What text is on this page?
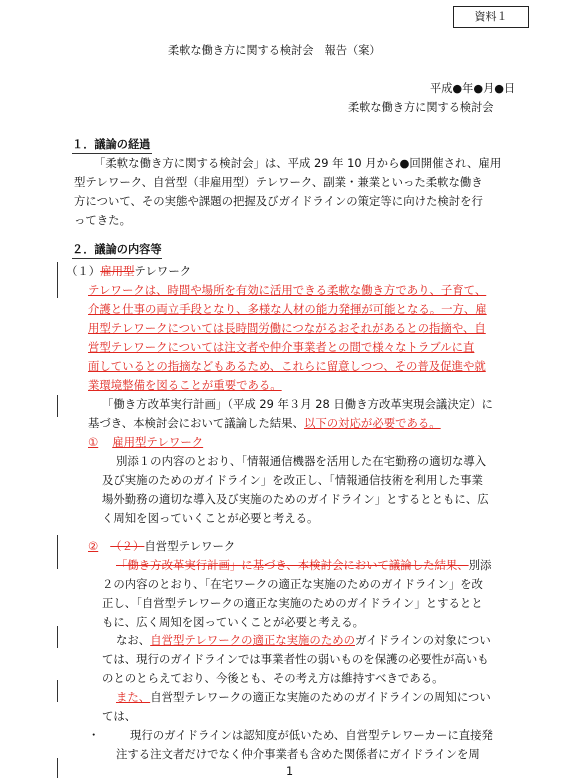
資料１
柔軟な働き方に関する検討会　報告（案）
平成●年●月●日
柔軟な働き方に関する検討会
１．議論の経過
「柔軟な働き方に関する検討会」は、平成 29 年 10 月から●回開催され、雇用
型テレワーク、自営型（非雇用型）テレワーク、副業・兼業といった柔軟な働き
方について、その実態や課題の把握及びガイドラインの策定等に向けた検討を行
ってきた。
２．議論の内容等
（１）雇用型テレワーク
テレワークは、時間や場所を有効に活用できる柔軟な働き方であり、子育て、
介護と仕事の両立手段となり、多様な人材の能力発揮が可能となる。一方、雇
用型テレワークについては長時間労働につながるおそれがあるとの指摘や、自
営型テレワークについては注文者や仲介事業者との間で様々なトラブルに直
面しているとの指摘などもあるため、これらに留意しつつ、その普及促進や就
業環境整備を図ることが重要である。
「働き方改革実行計画」（平成 29 年３月 28 日働き方改革実現会議決定）に
基づき、本検討会において議論した結果、以下の対応が必要である。
① 雇用型テレワーク
別添１の内容のとおり、「情報通信機器を活用した在宅勤務の適切な導入
及び実施のためのガイドライン」を改正し、「情報通信技術を利用した事業
場外勤務の適切な導入及び実施のためのガイドライン」とするとともに、広
く周知を図っていくことが必要と考える。
② （２）自営型テレワーク
「働き方改革実行計画」に基づき、本検討会において議論した結果、別添
２の内容のとおり、「在宅ワークの適正な実施のためのガイドライン」を改
正し、「自営型テレワークの適正な実施のためのガイドライン」とするとと
もに、広く周知を図っていくことが必要と考える。
なお、自営型テレワークの適正な実施のためのガイドラインの対象につい
ては、現行のガイドラインでは事業者性の弱いものを保護の必要性が高いも
のとのとらえており、今後とも、その考え方は維持すべきである。
また、自営型テレワークの適正な実施のためのガイドラインの周知につい
ては、
・	現行のガイドラインは認知度が低いため、自営型テレワーカーに直接発
注する注文者だけでなく仲介事業者も含めた関係者にガイドラインを周
1
